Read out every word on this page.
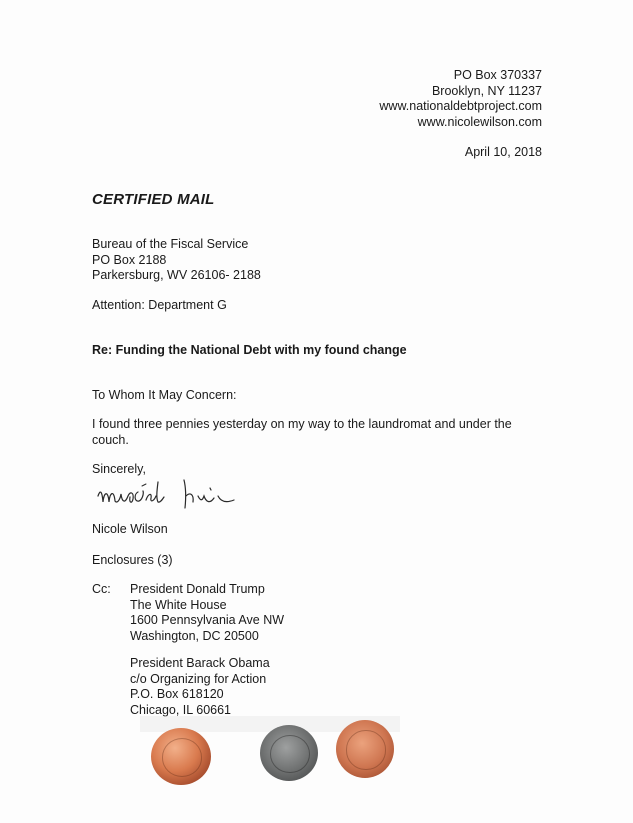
PO Box 370337
Brooklyn, NY 11237
www.nationaldebtproject.com
www.nicolewilson.com
April 10, 2018
CERTIFIED MAIL
Bureau of the Fiscal Service
PO Box 2188
Parkersburg, WV 26106- 2188
Attention: Department G
Re: Funding the National Debt with my found change
To Whom It May Concern:
I found three pennies yesterday on my way to the laundromat and under the couch.
Sincerely,
Nicole Wilson
Enclosures (3)
Cc: President Donald Trump
The White House
1600 Pennsylvania Ave NW
Washington, DC 20500
President Barack Obama
c/o Organizing for Action
P.O. Box 618120
Chicago, IL 60661
